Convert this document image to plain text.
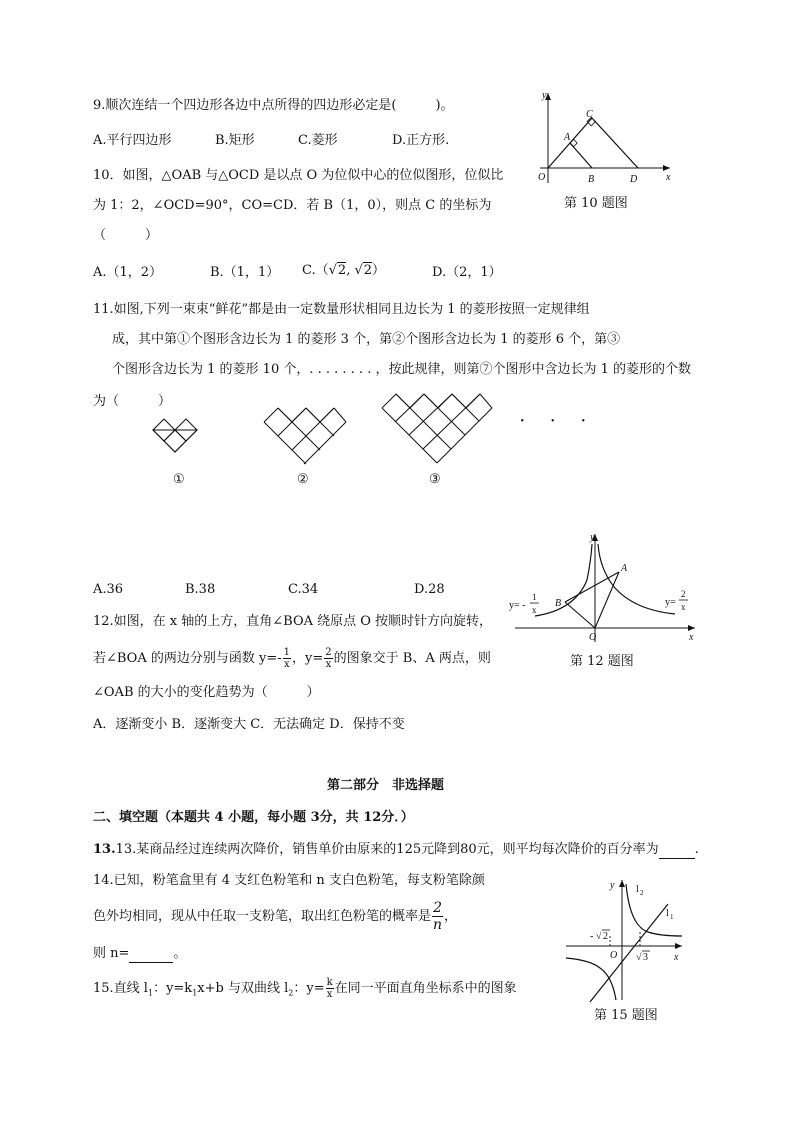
9.顺次连结一个四边形各边中点所得的四边形必定是(　　　)。
A.平行四边形	B.矩形	C.菱形	D.正方形.
y
x
O
A
B
C
D
第 10 题图
10．如图，△OAB 与△OCD 是以点 O 为位似中心的位似图形，位似比
为 1：2，∠OCD=90°，CO=CD．若 B（1，0），则点 C 的坐标为
（　　　）
A.（1，2）	B.（1，1） C.（√2, √2）	D.（2，1）
11.如图,下列一束束“鲜花”都是由一定数量形状相同且边长为 1 的菱形按照一定规律组
成，其中第①个图形含边长为 1 的菱形 3 个，第②个图形含边长为 1 的菱形 6 个，第③
个图形含边长为 1 的菱形 10 个，. . . . . . . . ，按此规律，则第⑦个图形中含边长为 1 的菱形的个数
为（　　　）
①	②	③
·　　·　　·
A.36	B.38	C.34	D.28
y
x
O
A
B
y= -
1
x
y=
2
x
第 12 题图
12.如图，在 x 轴的上方，直角∠BOA 绕原点 O 按顺时针方向旋转，
若∠BOA 的两边分别与函数 $y=- \frac{1}{x}$ ，$y= \frac{2}{x}$ 的图象交于 B、A 两点，则
∠OAB 的大小的变化趋势为（　　　）
A．逐渐变小 B．逐渐变大 C．无法确定 D．保持不变
第二部分　非选择题
二、填空题（本题共 4 小题，每小题 3分，共 12分．）
13.13.某商品经过连续两次降价，销售单价由原来的125元降到80元，则平均每次降价的百分率为	.
14.已知，粉笔盒里有 4 支红色粉笔和 n 支白色粉笔，每支粉笔除颜
色外均相同，现从中任取一支粉笔，取出红色粉笔的概率是 $\frac{2}{n}$ ，
则 n=	。
y
x
O
l 2
l 1
- √ 2
√ 3
第 15 题图
15.直线 $l_1$：$y=k_1x+b$ 与双曲线 $l_2$：$y= \frac{k}{x}$ 在同一平面直角坐标系中的图象
